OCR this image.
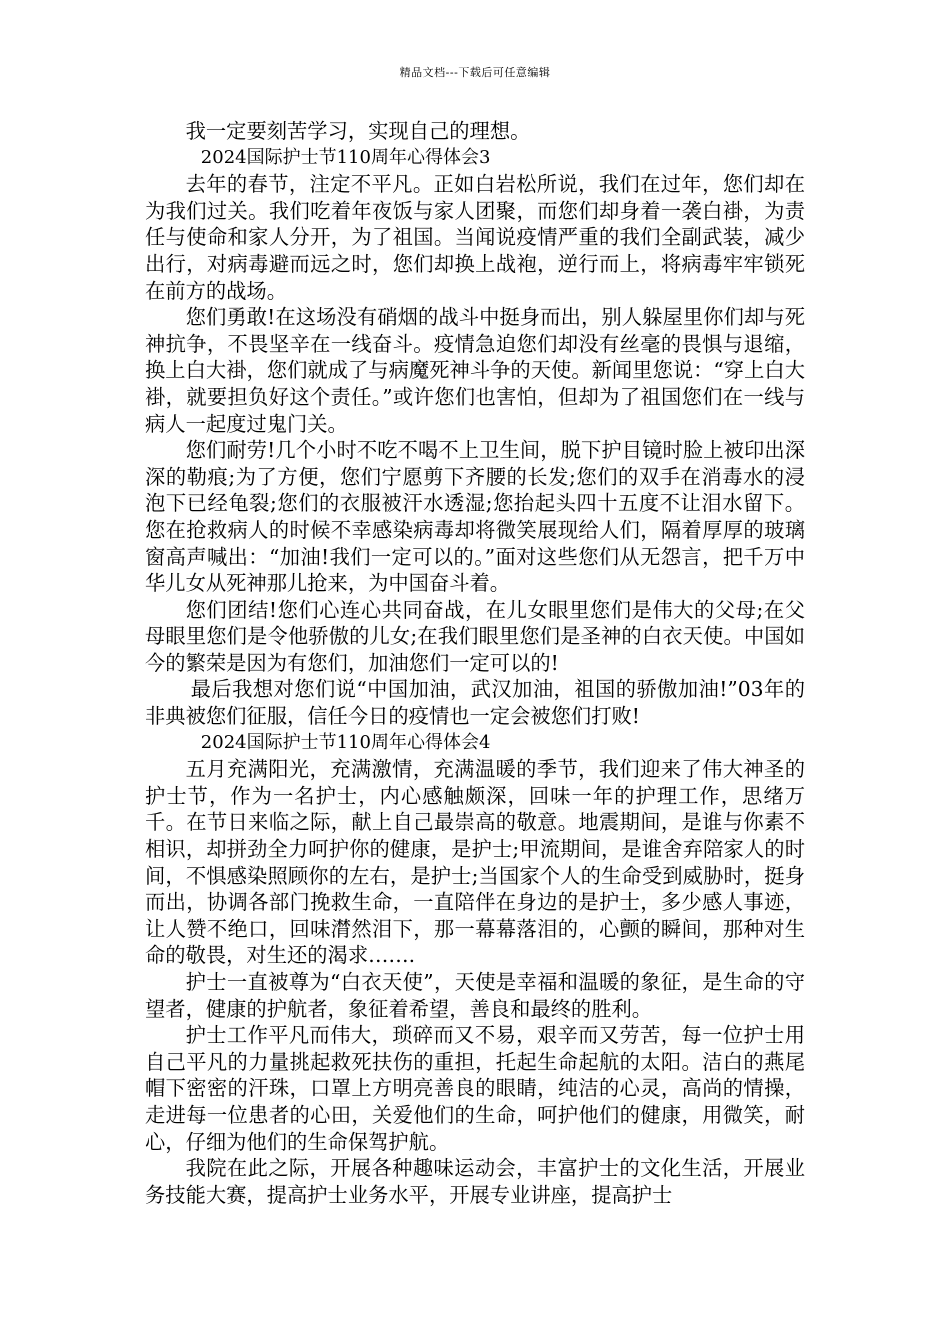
精品文档---下载后可任意编辑

我一定要刻苦学习，实现自己的理想。

2024国际护士节110周年心得体会3

去年的春节，注定不平凡。正如白岩松所说，我们在过年，您们却在为我们过关。我们吃着年夜饭与家人团聚，而您们却身着一袭白褂，为责任与使命和家人分开，为了祖国。当闻说疫情严重的我们全副武装，减少出行，对病毒避而远之时，您们却换上战袍，逆行而上，将病毒牢牢锁死在前方的战场。

您们勇敢!在这场没有硝烟的战斗中挺身而出，别人躲屋里你们却与死神抗争，不畏坚辛在一线奋斗。疫情急迫您们却没有丝毫的畏惧与退缩，换上白大褂，您们就成了与病魔死神斗争的天使。新闻里您说：“穿上白大褂，就要担负好这个责任。”或许您们也害怕，但却为了祖国您们在一线与病人一起度过鬼门关。

您们耐劳!几个小时不吃不喝不上卫生间，脱下护目镜时脸上被印出深深的勒痕;为了方便，您们宁愿剪下齐腰的长发;您们的双手在消毒水的浸泡下已经龟裂;您们的衣服被汗水透湿;您抬起头四十五度不让泪水留下。您在抢救病人的时候不幸感染病毒却将微笑展现给人们，隔着厚厚的玻璃窗高声喊出：“加油!我们一定可以的。”面对这些您们从无怨言，把千万中华儿女从死神那儿抢来，为中国奋斗着。

您们团结!您们心连心共同奋战，在儿女眼里您们是伟大的父母;在父母眼里您们是令他骄傲的儿女;在我们眼里您们是圣神的白衣天使。中国如今的繁荣是因为有您们，加油您们一定可以的!

最后我想对您们说“中国加油，武汉加油，祖国的骄傲加油!”03年的非典被您们征服，信任今日的疫情也一定会被您们打败!

2024国际护士节110周年心得体会4

五月充满阳光，充满激情，充满温暖的季节，我们迎来了伟大神圣的护士节，作为一名护士，内心感触颇深，回味一年的护理工作，思绪万千。在节日来临之际，献上自己最崇高的敬意。地震期间，是谁与你素不相识，却拼劲全力呵护你的健康，是护士;甲流期间，是谁舍弃陪家人的时间，不惧感染照顾你的左右，是护士;当国家个人的生命受到威胁时，挺身而出，协调各部门挽救生命，一直陪伴在身边的是护士，多少感人事迹，让人赞不绝口，回味潸然泪下，那一幕幕落泪的，心颤的瞬间，那种对生命的敬畏，对生还的渴求…….

护士一直被尊为“白衣天使”，天使是幸福和温暖的象征，是生命的守望者，健康的护航者，象征着希望，善良和最终的胜利。

护士工作平凡而伟大，琐碎而又不易，艰辛而又劳苦，每一位护士用自己平凡的力量挑起救死扶伤的重担，托起生命起航的太阳。洁白的燕尾帽下密密的汗珠，口罩上方明亮善良的眼睛，纯洁的心灵，高尚的情操，走进每一位患者的心田，关爱他们的生命，呵护他们的健康，用微笑，耐心，仔细为他们的生命保驾护航。

我院在此之际，开展各种趣味运动会，丰富护士的文化生活，开展业务技能大赛，提高护士业务水平，开展专业讲座，提高护士
